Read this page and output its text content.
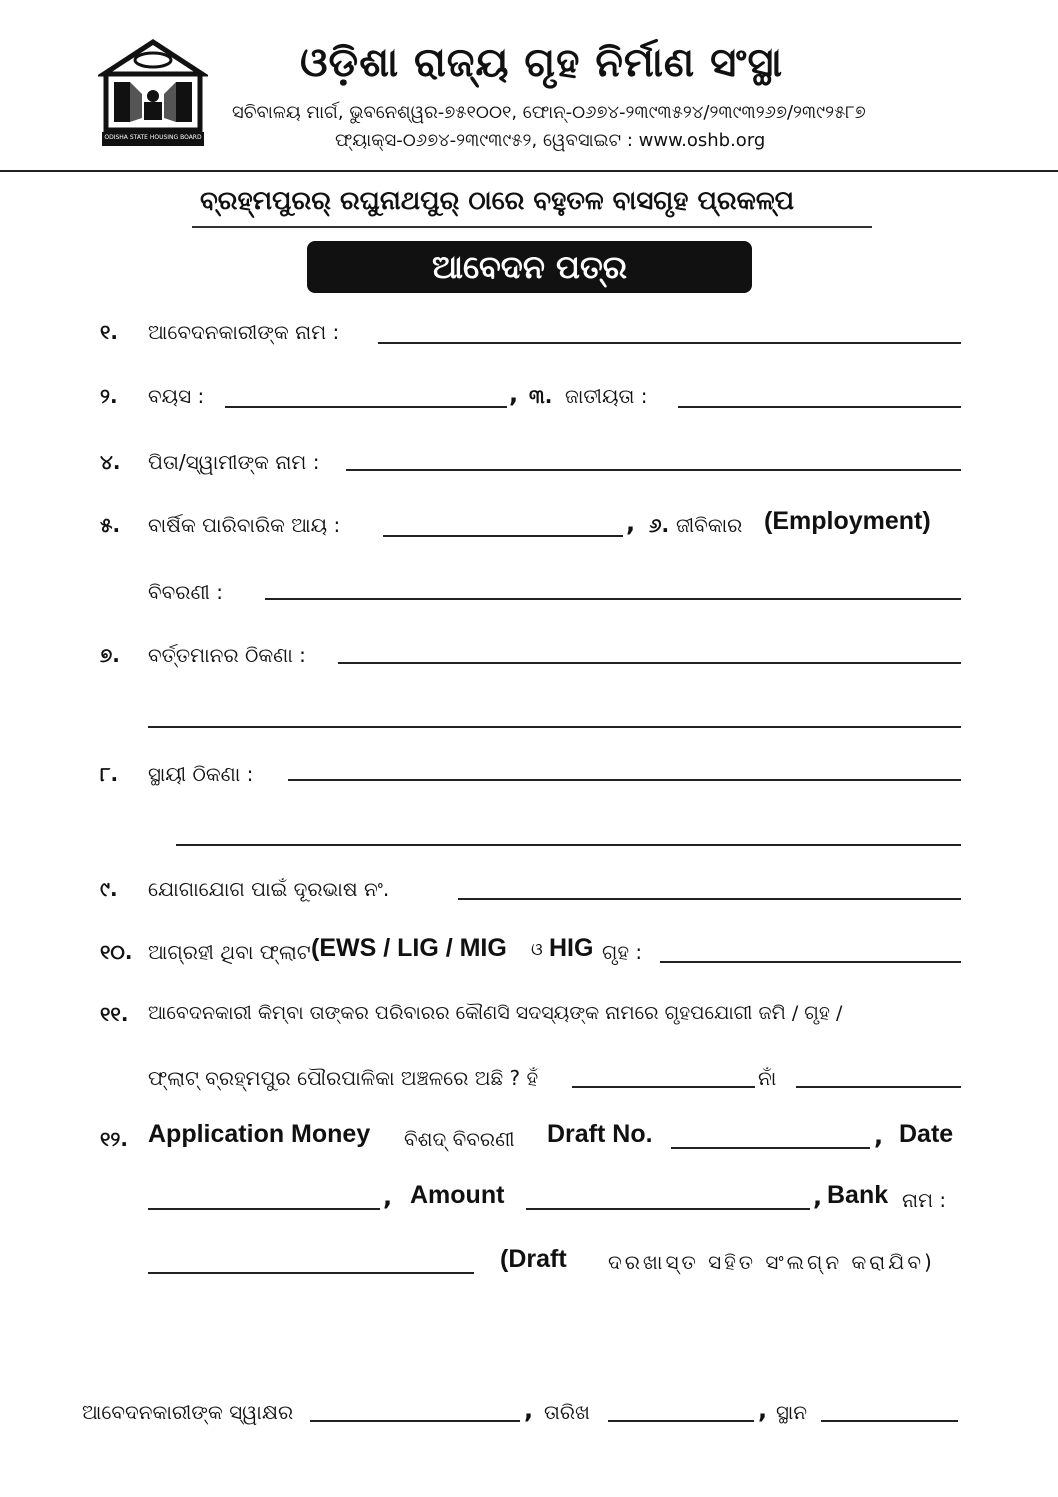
ODISHA STATE HOUSING BOARD
ଓଡ଼ିଶା ରାଜ୍ୟ ଗୃହ ନିର୍ମାଣ ସଂସ୍ଥା
ସଚିବାଳୟ ମାର୍ଗ, ଭୁବନେଶ୍ୱର-୭୫୧୦୦୧, ଫୋନ୍-୦୬୭୪-୨୩୯୩୫୨୪/୨୩୯୩୨୬୭/୨୩୯୨୫୮୭
ଫ୍ୟାକ୍ସ-୦୬୭୪-୨୩୯୩୯୫୨, ୱେବସାଇଟ : www.oshb.org
ବ୍ରହ୍ମପୁରର୍ ରଘୁନାଥପୁର୍ ଠାରେ ବହୁତଳ ବାସଗୃହ ପ୍ରକଳ୍ପ
ଆବେଦନ ପତ୍ର
୧. ଆବେଦନକାରୀଙ୍କ ନାମ :
୨. ବୟସ :	, ୩. ଜାତୀୟତା :
୪. ପିତା/ସ୍ୱାମୀଙ୍କ ନାମ :
୫. ବାର୍ଷିକ ପାରିବାରିକ ଆୟ :	, ୬. ଜୀବିକାର (Employment)
ବିବରଣୀ :
୭. ବର୍ତ୍ତମାନର ଠିକଣା :
୮. ସ୍ଥାୟୀ ଠିକଣା :
୯. ଯୋଗାଯୋଗ ପାଇଁ ଦୂରଭାଷ ନଂ.
୧୦. ଆଗ୍ରହୀ ଥିବା ଫ୍ଲାଟ (EWS / LIG / MIG ଓ HIG ଗୃହ :
୧୧. ଆବେଦନକାରୀ କିମ୍ବା ତାଙ୍କର ପରିବାରର କୌଣସି ସଦସ୍ୟଙ୍କ ନାମରେ ଗୃହପଯୋଗୀ ଜମି / ଗୃହ /
ଫ୍ଲାଟ୍ ବ୍ରହ୍ମପୁର ପୌରପାଳିକା ଅଞ୍ଚଳରେ ଅଛି ? ହଁ	ନାଁ
୧୨. Application Money ବିଶଦ୍ ବିବରଣୀ Draft No.	, Date
, Amount	, Bank ନାମ :
(Draft ଦରଖାସ୍ତ ସହିତ ସଂଲଗ୍ନ କରାଯିବ)
ଆବେଦନକାରୀଙ୍କ ସ୍ୱାକ୍ଷର	, ତାରିଖ	, ସ୍ଥାନ
